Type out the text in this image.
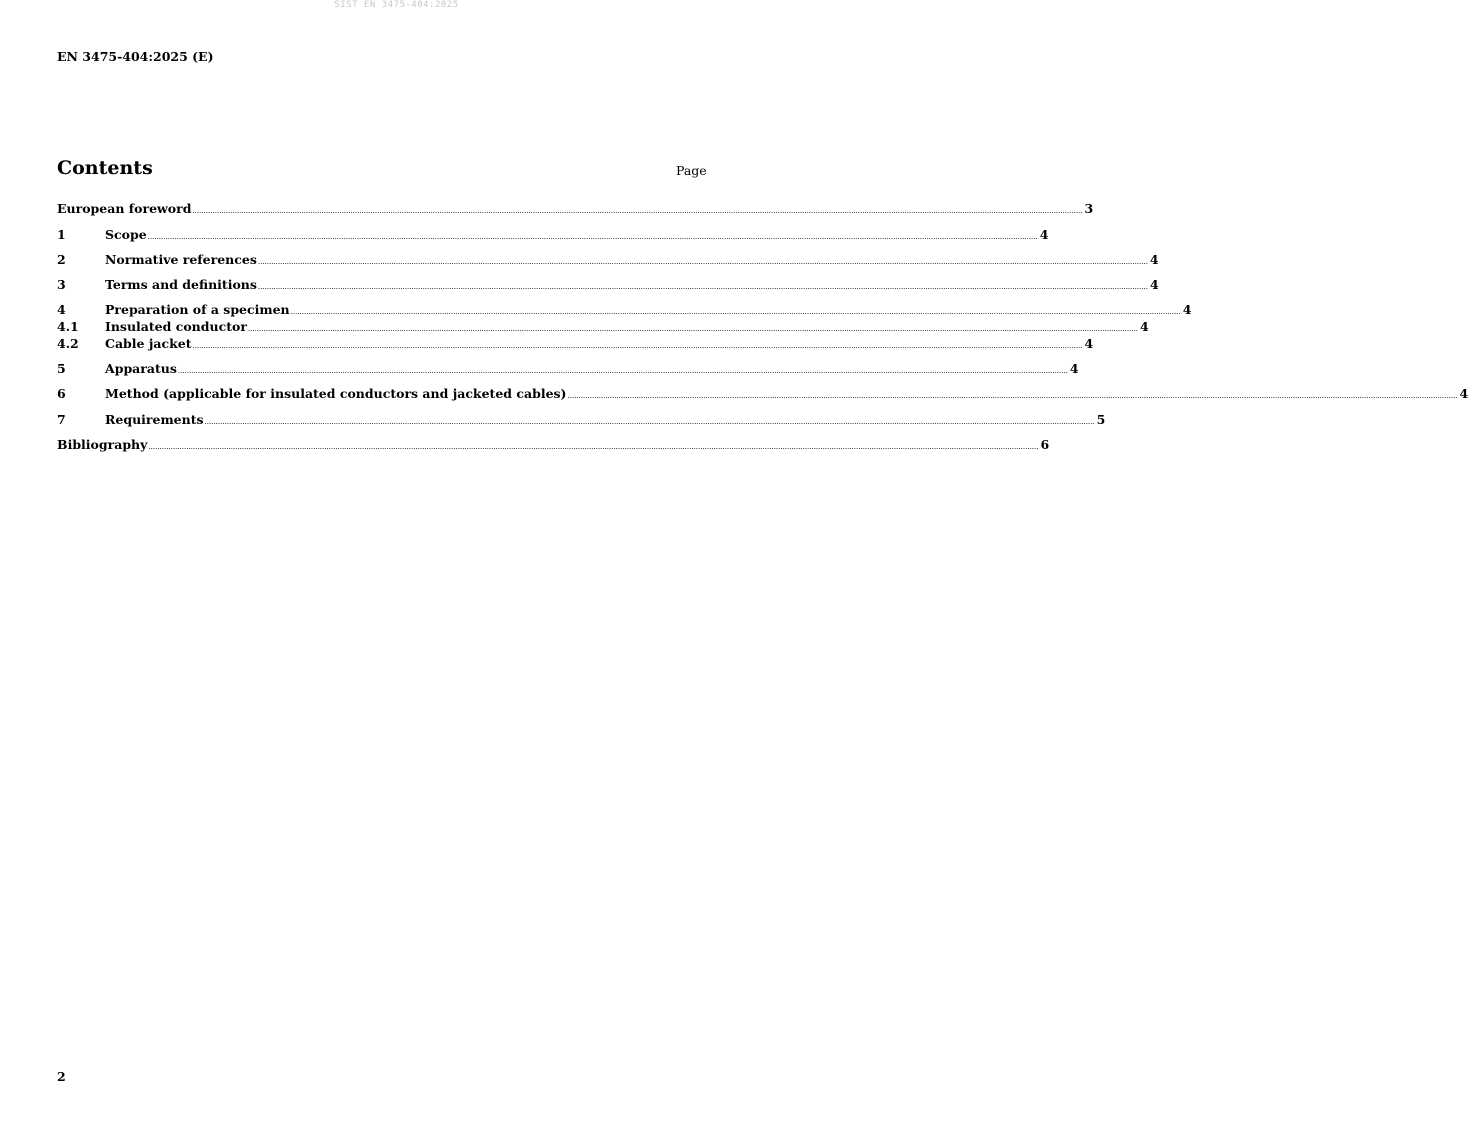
SIST EN 3475-404:2025
EN 3475-404:2025 (E)
Contents	Page
European foreword ................................................................................................................................................................................................................................................................................................................................................................................................................ 3
1	Scope ................................................................................................................................................................................................................................................................................................................................................................................................................ 4
2	Normative references ................................................................................................................................................................................................................................................................................................................................................................................................................ 4
3	Terms and definitions ................................................................................................................................................................................................................................................................................................................................................................................................................ 4
4	Preparation of a specimen ................................................................................................................................................................................................................................................................................................................................................................................................................ 4
4.1	Insulated conductor ................................................................................................................................................................................................................................................................................................................................................................................................................ 4
4.2	Cable jacket ................................................................................................................................................................................................................................................................................................................................................................................................................ 4
5	Apparatus ................................................................................................................................................................................................................................................................................................................................................................................................................ 4
6	Method (applicable for insulated conductors and jacketed cables) ................................................................................................................................................................................................................................................................................................................................................................................................................ 4
7	Requirements ................................................................................................................................................................................................................................................................................................................................................................................................................ 5
Bibliography ................................................................................................................................................................................................................................................................................................................................................................................................................ 6
2
